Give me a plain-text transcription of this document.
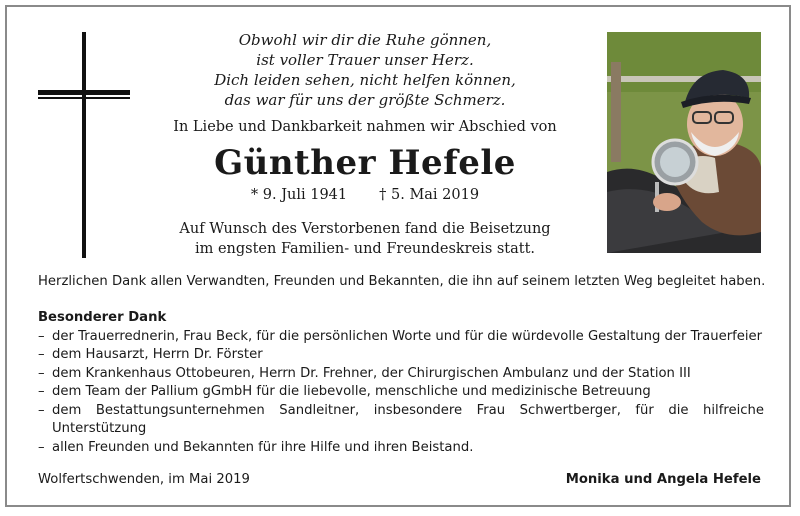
Obwohl wir dir die Ruhe gönnen,
ist voller Trauer unser Herz.
Dich leiden sehen, nicht helfen können,
das war für uns der größte Schmerz.
In Liebe und Dankbarkeit nahmen wir Abschied von
Günther Hefele
* 9. Juli 1941 † 5. Mai 2019
Auf Wunsch des Verstorbenen fand die Beisetzung
im engsten Familien- und Freundeskreis statt.
Herzlichen Dank allen Verwandten, Freunden und Bekannten, die ihn auf seinem letzten Weg begleitet haben.
Besonderer Dank
– der Trauerrednerin, Frau Beck, für die persönlichen Worte und für die würdevolle Gestaltung der Trauerfeier
– dem Hausarzt, Herrn Dr. Förster
– dem Krankenhaus Ottobeuren, Herrn Dr. Frehner, der Chirurgischen Ambulanz und der Station III
– dem Team der Pallium gGmbH für die liebevolle, menschliche und medizinische Betreuung
– dem Bestattungsunternehmen Sandleitner, insbesondere Frau Schwertberger, für die hilfreiche Unterstützung
– allen Freunden und Bekannten für ihre Hilfe und ihren Beistand.
Wolfertschwenden, im Mai 2019	Monika und Angela Hefele
